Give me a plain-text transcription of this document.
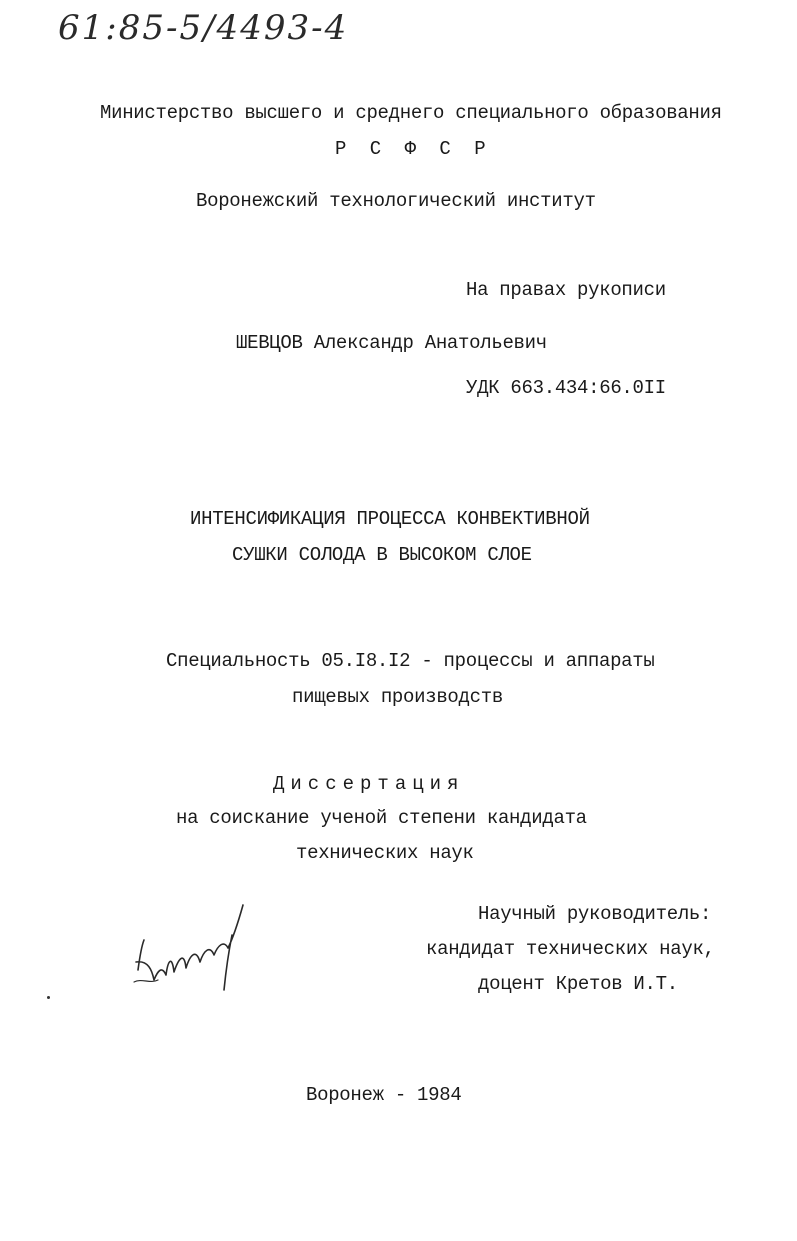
61:85-5/4493-4
Министерство высшего и среднего специального образования
Р С Ф С Р
Воронежский технологический институт
На правах рукописи
ШЕВЦОВ Александр Анатольевич
УДК 663.434:66.0II
ИНТЕНСИФИКАЦИЯ ПРОЦЕССА КОНВЕКТИВНОЙ
СУШКИ СОЛОДА В ВЫСОКОМ СЛОЕ
Специальность 05.I8.I2 - процессы и аппараты
пищевых производств
Диссертация
на соискание ученой степени кандидата
технических наук
Научный руководитель:
кандидат технических наук,
доцент Кретов И.Т.
Воронеж - 1984
